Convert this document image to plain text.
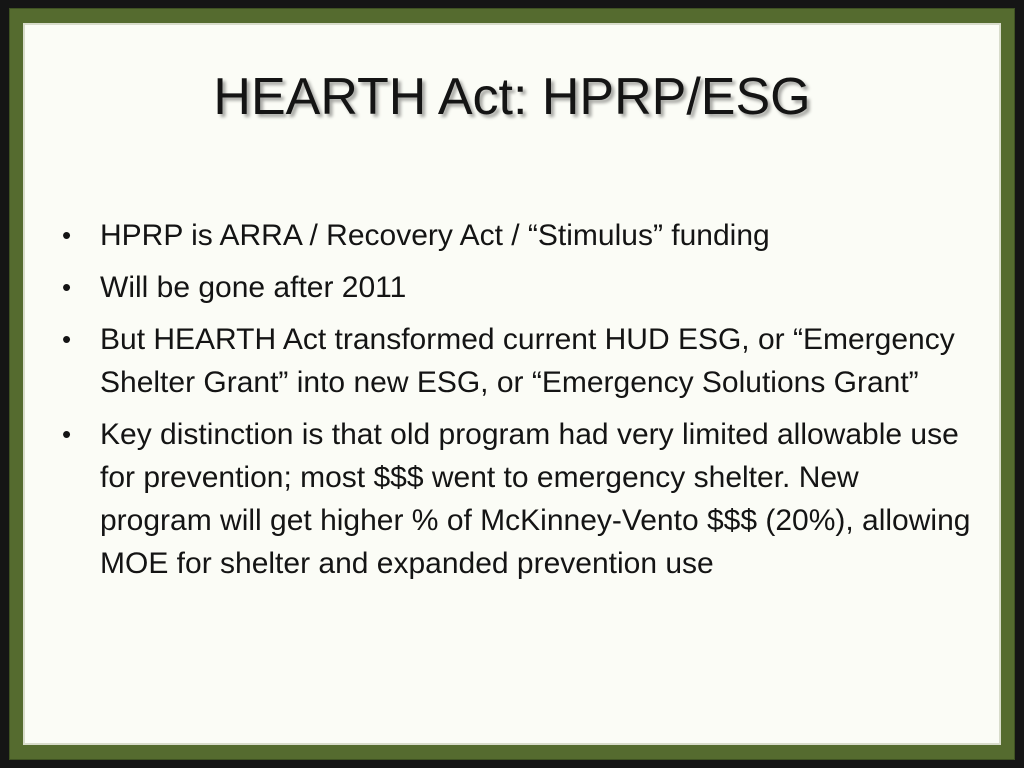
HEARTH Act: HPRP/ESG
• HPRP is ARRA / Recovery Act / “Stimulus” funding
• Will be gone after 2011
• But HEARTH Act transformed current HUD ESG, or “Emergency Shelter Grant” into new ESG, or “Emergency Solutions Grant”
• Key distinction is that old program had very limited allowable use for prevention; most $$$ went to emergency shelter. New program will get higher % of McKinney-Vento $$$ (20%), allowing MOE for shelter and expanded prevention use
